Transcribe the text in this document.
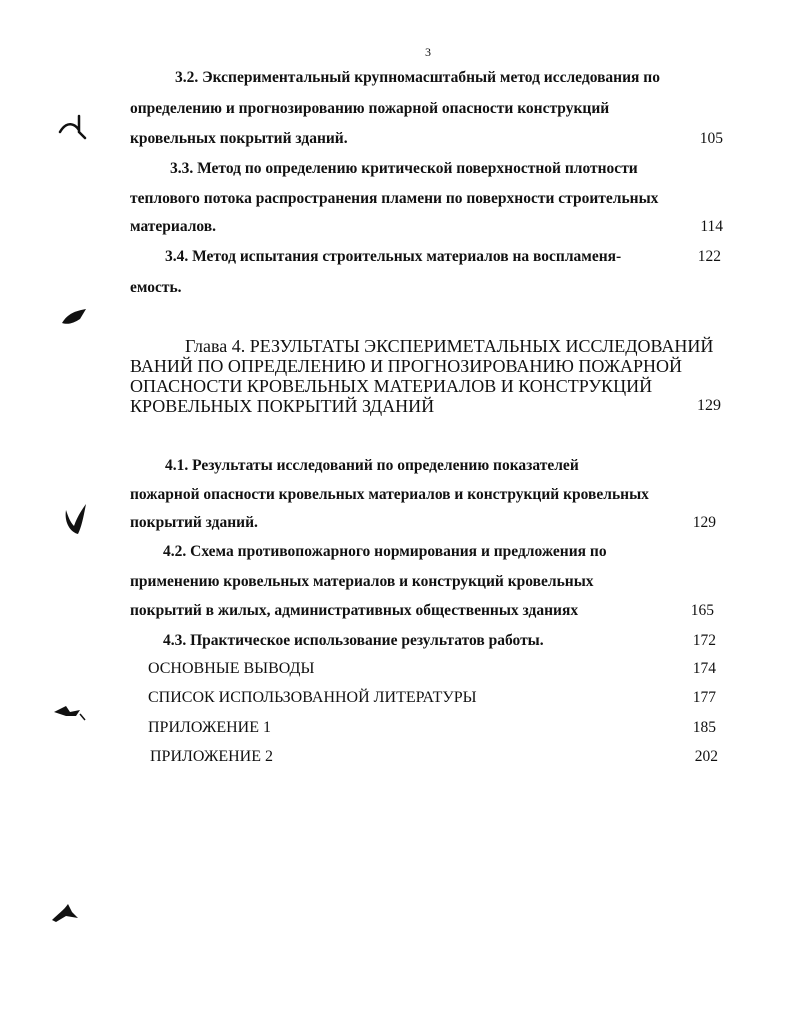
3
3.2. Экспериментальный крупномасштабный метод исследования по
определению и прогнозированию пожарной опасности конструкций
кровельных покрытий зданий.	105
3.3. Метод по определению критической поверхностной плотности
теплового потока распространения пламени по поверхности строительных
материалов.	114
3.4. Метод испытания строительных материалов на воспламеня-	122
емость.
Глава 4. РЕЗУЛЬТАТЫ ЭКСПЕРИМЕТАЛЬНЫХ ИССЛЕДОВАНИЙ
ВАНИЙ ПО ОПРЕДЕЛЕНИЮ И ПРОГНОЗИРОВАНИЮ ПОЖАРНОЙ
ОПАСНОСТИ КРОВЕЛЬНЫХ МАТЕРИАЛОВ И КОНСТРУКЦИЙ
КРОВЕЛЬНЫХ ПОКРЫТИЙ ЗДАНИЙ	129
4.1. Результаты исследований по определению показателей
пожарной опасности кровельных материалов и конструкций кровельных
покрытий зданий.	129
4.2. Схема противопожарного нормирования и предложения по
применению кровельных материалов и конструкций кровельных
покрытий в жилых, административных общественных зданиях	165
4.3. Практическое использование результатов работы.	172
ОСНОВНЫЕ ВЫВОДЫ	174
СПИСОК ИСПОЛЬЗОВАННОЙ ЛИТЕРАТУРЫ	177
ПРИЛОЖЕНИЕ 1	185
ПРИЛОЖЕНИЕ 2	202
